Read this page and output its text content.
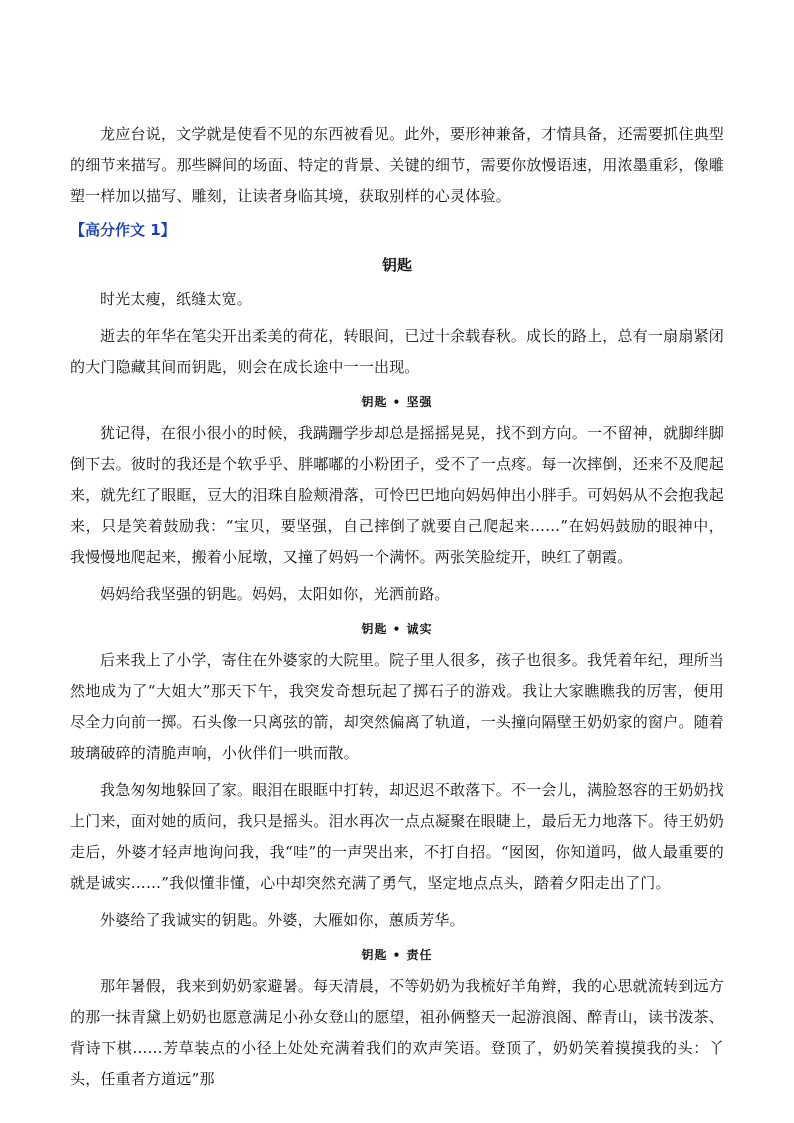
龙应台说，文学就是使看不见的东西被看见。此外，要形神兼备，才情具备，还需要抓住典型的细节来描写。那些瞬间的场面、特定的背景、关键的细节，需要你放慢语速，用浓墨重彩，像雕塑一样加以描写、雕刻，让读者身临其境，获取别样的心灵体验。

【高分作文 1】

钥匙

时光太瘦，纸缝太宽。

逝去的年华在笔尖开出柔美的荷花，转眼间，已过十余载春秋。成长的路上，总有一扇扇紧闭的大门隐藏其间而钥匙，则会在成长途中一一出现。

钥匙 • 坚强

犹记得，在很小很小的时候，我蹒跚学步却总是摇摇晃晃，找不到方向。一不留神，就脚绊脚倒下去。彼时的我还是个软乎乎、胖嘟嘟的小粉团子，受不了一点疼。每一次摔倒，还来不及爬起来，就先红了眼眶，豆大的泪珠自脸颊滑落，可怜巴巴地向妈妈伸出小胖手。可妈妈从不会抱我起来，只是笑着鼓励我：“宝贝，要坚强，自己摔倒了就要自己爬起来……”在妈妈鼓励的眼神中，我慢慢地爬起来，搬着小屁墩，又撞了妈妈一个满怀。两张笑脸绽开，映红了朝霞。

妈妈给我坚强的钥匙。妈妈，太阳如你，光洒前路。

钥匙 • 诚实

后来我上了小学，寄住在外婆家的大院里。院子里人很多，孩子也很多。我凭着年纪，理所当然地成为了“大姐大”那天下午，我突发奇想玩起了掷石子的游戏。我让大家瞧瞧我的厉害，便用尽全力向前一掷。石头像一只离弦的箭，却突然偏离了轨道，一头撞向隔壁王奶奶家的窗户。随着玻璃破碎的清脆声响，小伙伴们一哄而散。

我急匆匆地躲回了家。眼泪在眼眶中打转，却迟迟不敢落下。不一会儿，满脸怒容的王奶奶找上门来，面对她的质问，我只是摇头。泪水再次一点点凝聚在眼睫上，最后无力地落下。待王奶奶走后，外婆才轻声地询问我，我“哇”的一声哭出来，不打自招。“囡囡，你知道吗，做人最重要的就是诚实……”我似懂非懂，心中却突然充满了勇气，坚定地点点头，踏着夕阳走出了门。

外婆给了我诚实的钥匙。外婆，大雁如你，蕙质芳华。

钥匙 • 责任

那年暑假，我来到奶奶家避暑。每天清晨，不等奶奶为我梳好羊角辫，我的心思就流转到远方的那一抹青黛上奶奶也愿意满足小孙女登山的愿望，祖孙俩整天一起游浪阁、醉青山，读书泼茶、背诗下棋……芳草装点的小径上处处充满着我们的欢声笑语。登顶了，奶奶笑着摸摸我的头：丫头，任重者方道远”那
